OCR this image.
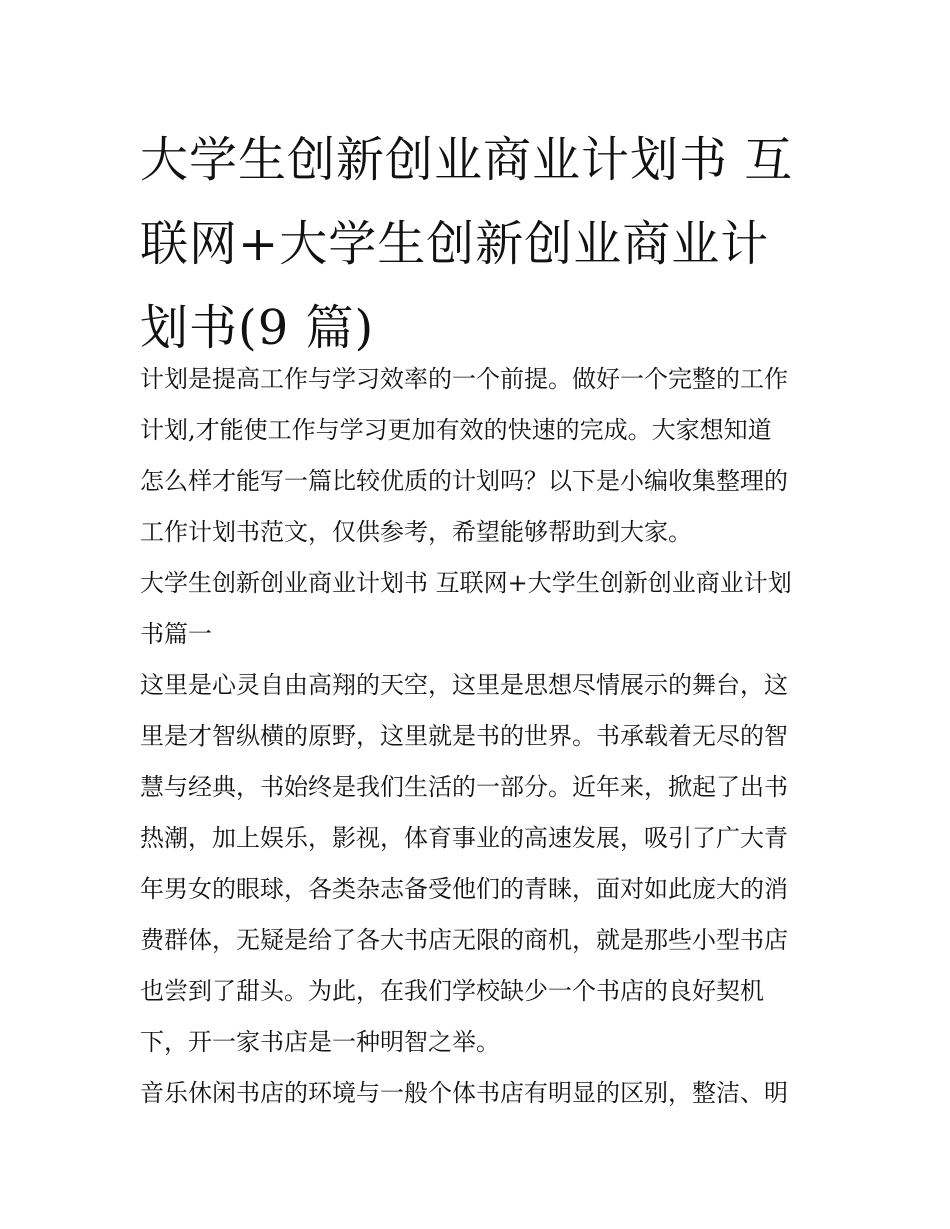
大学生创新创业商业计划书 互
联网+大学生创新创业商业计
划书(9 篇)
计划是提高工作与学习效率的一个前提。做好一个完整的工作
计划,才能使工作与学习更加有效的快速的完成。大家想知道
怎么样才能写一篇比较优质的计划吗？以下是小编收集整理的
工作计划书范文，仅供参考，希望能够帮助到大家。
大学生创新创业商业计划书 互联网+大学生创新创业商业计划
书篇一
这里是心灵自由高翔的天空，这里是思想尽情展示的舞台，这
里是才智纵横的原野，这里就是书的世界。书承载着无尽的智
慧与经典，书始终是我们生活的一部分。近年来，掀起了出书
热潮，加上娱乐，影视，体育事业的高速发展，吸引了广大青
年男女的眼球，各类杂志备受他们的青睐，面对如此庞大的消
费群体，无疑是给了各大书店无限的商机，就是那些小型书店
也尝到了甜头。为此，在我们学校缺少一个书店的良好契机
下，开一家书店是一种明智之举。
音乐休闲书店的环境与一般个体书店有明显的区别，整洁、明
